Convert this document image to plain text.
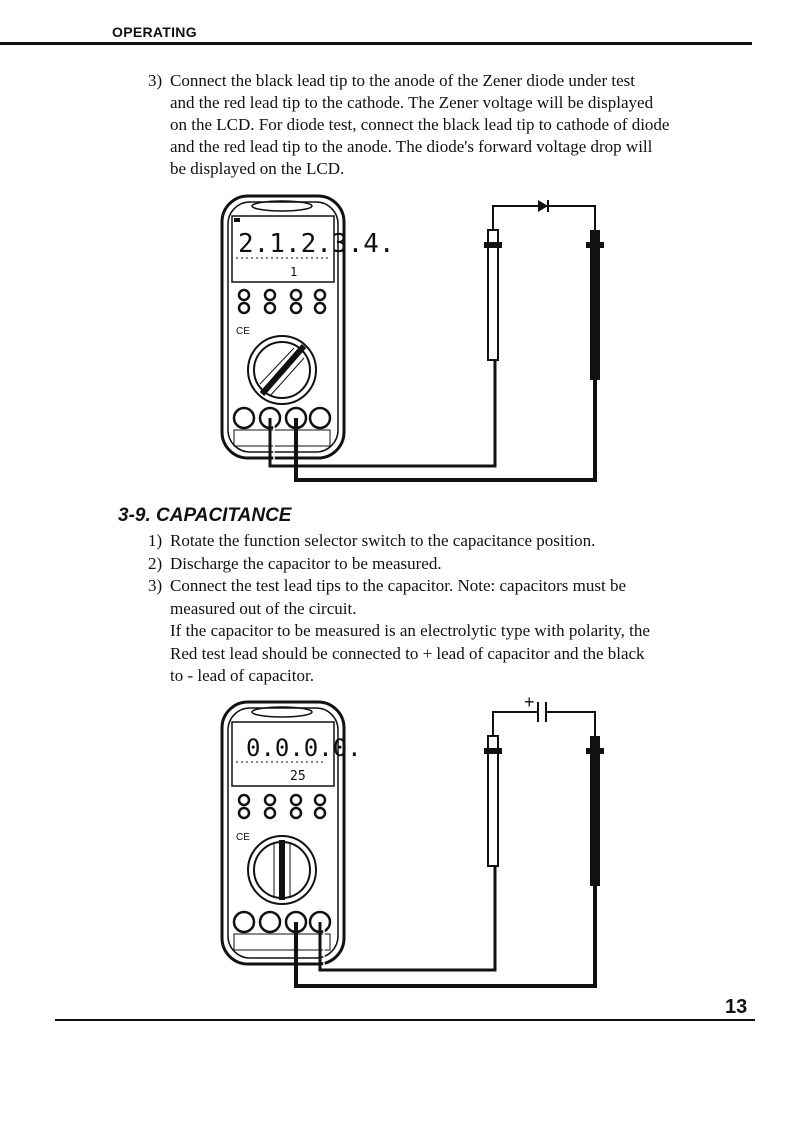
OPERATING
3) Connect the black lead tip to the anode of the Zener diode under test
and the red lead tip to the cathode. The Zener voltage will be displayed
on the LCD. For diode test, connect the black lead tip to cathode of diode
and the red lead tip to the anode. The diode's forward voltage drop will
be displayed on the LCD.
2.1.2.3.4.
1
CE
3-9. CAPACITANCE
1) Rotate the function selector switch to the capacitance position.
2) Discharge the capacitor to be measured.
3) Connect the test lead tips to the capacitor. Note: capacitors must be
measured out of the circuit.
If the capacitor to be measured is an electrolytic type with polarity, the
Red test lead should be connected to + lead of capacitor and the black
to - lead of capacitor.
0.0.0.0.
25
CE
+
13
